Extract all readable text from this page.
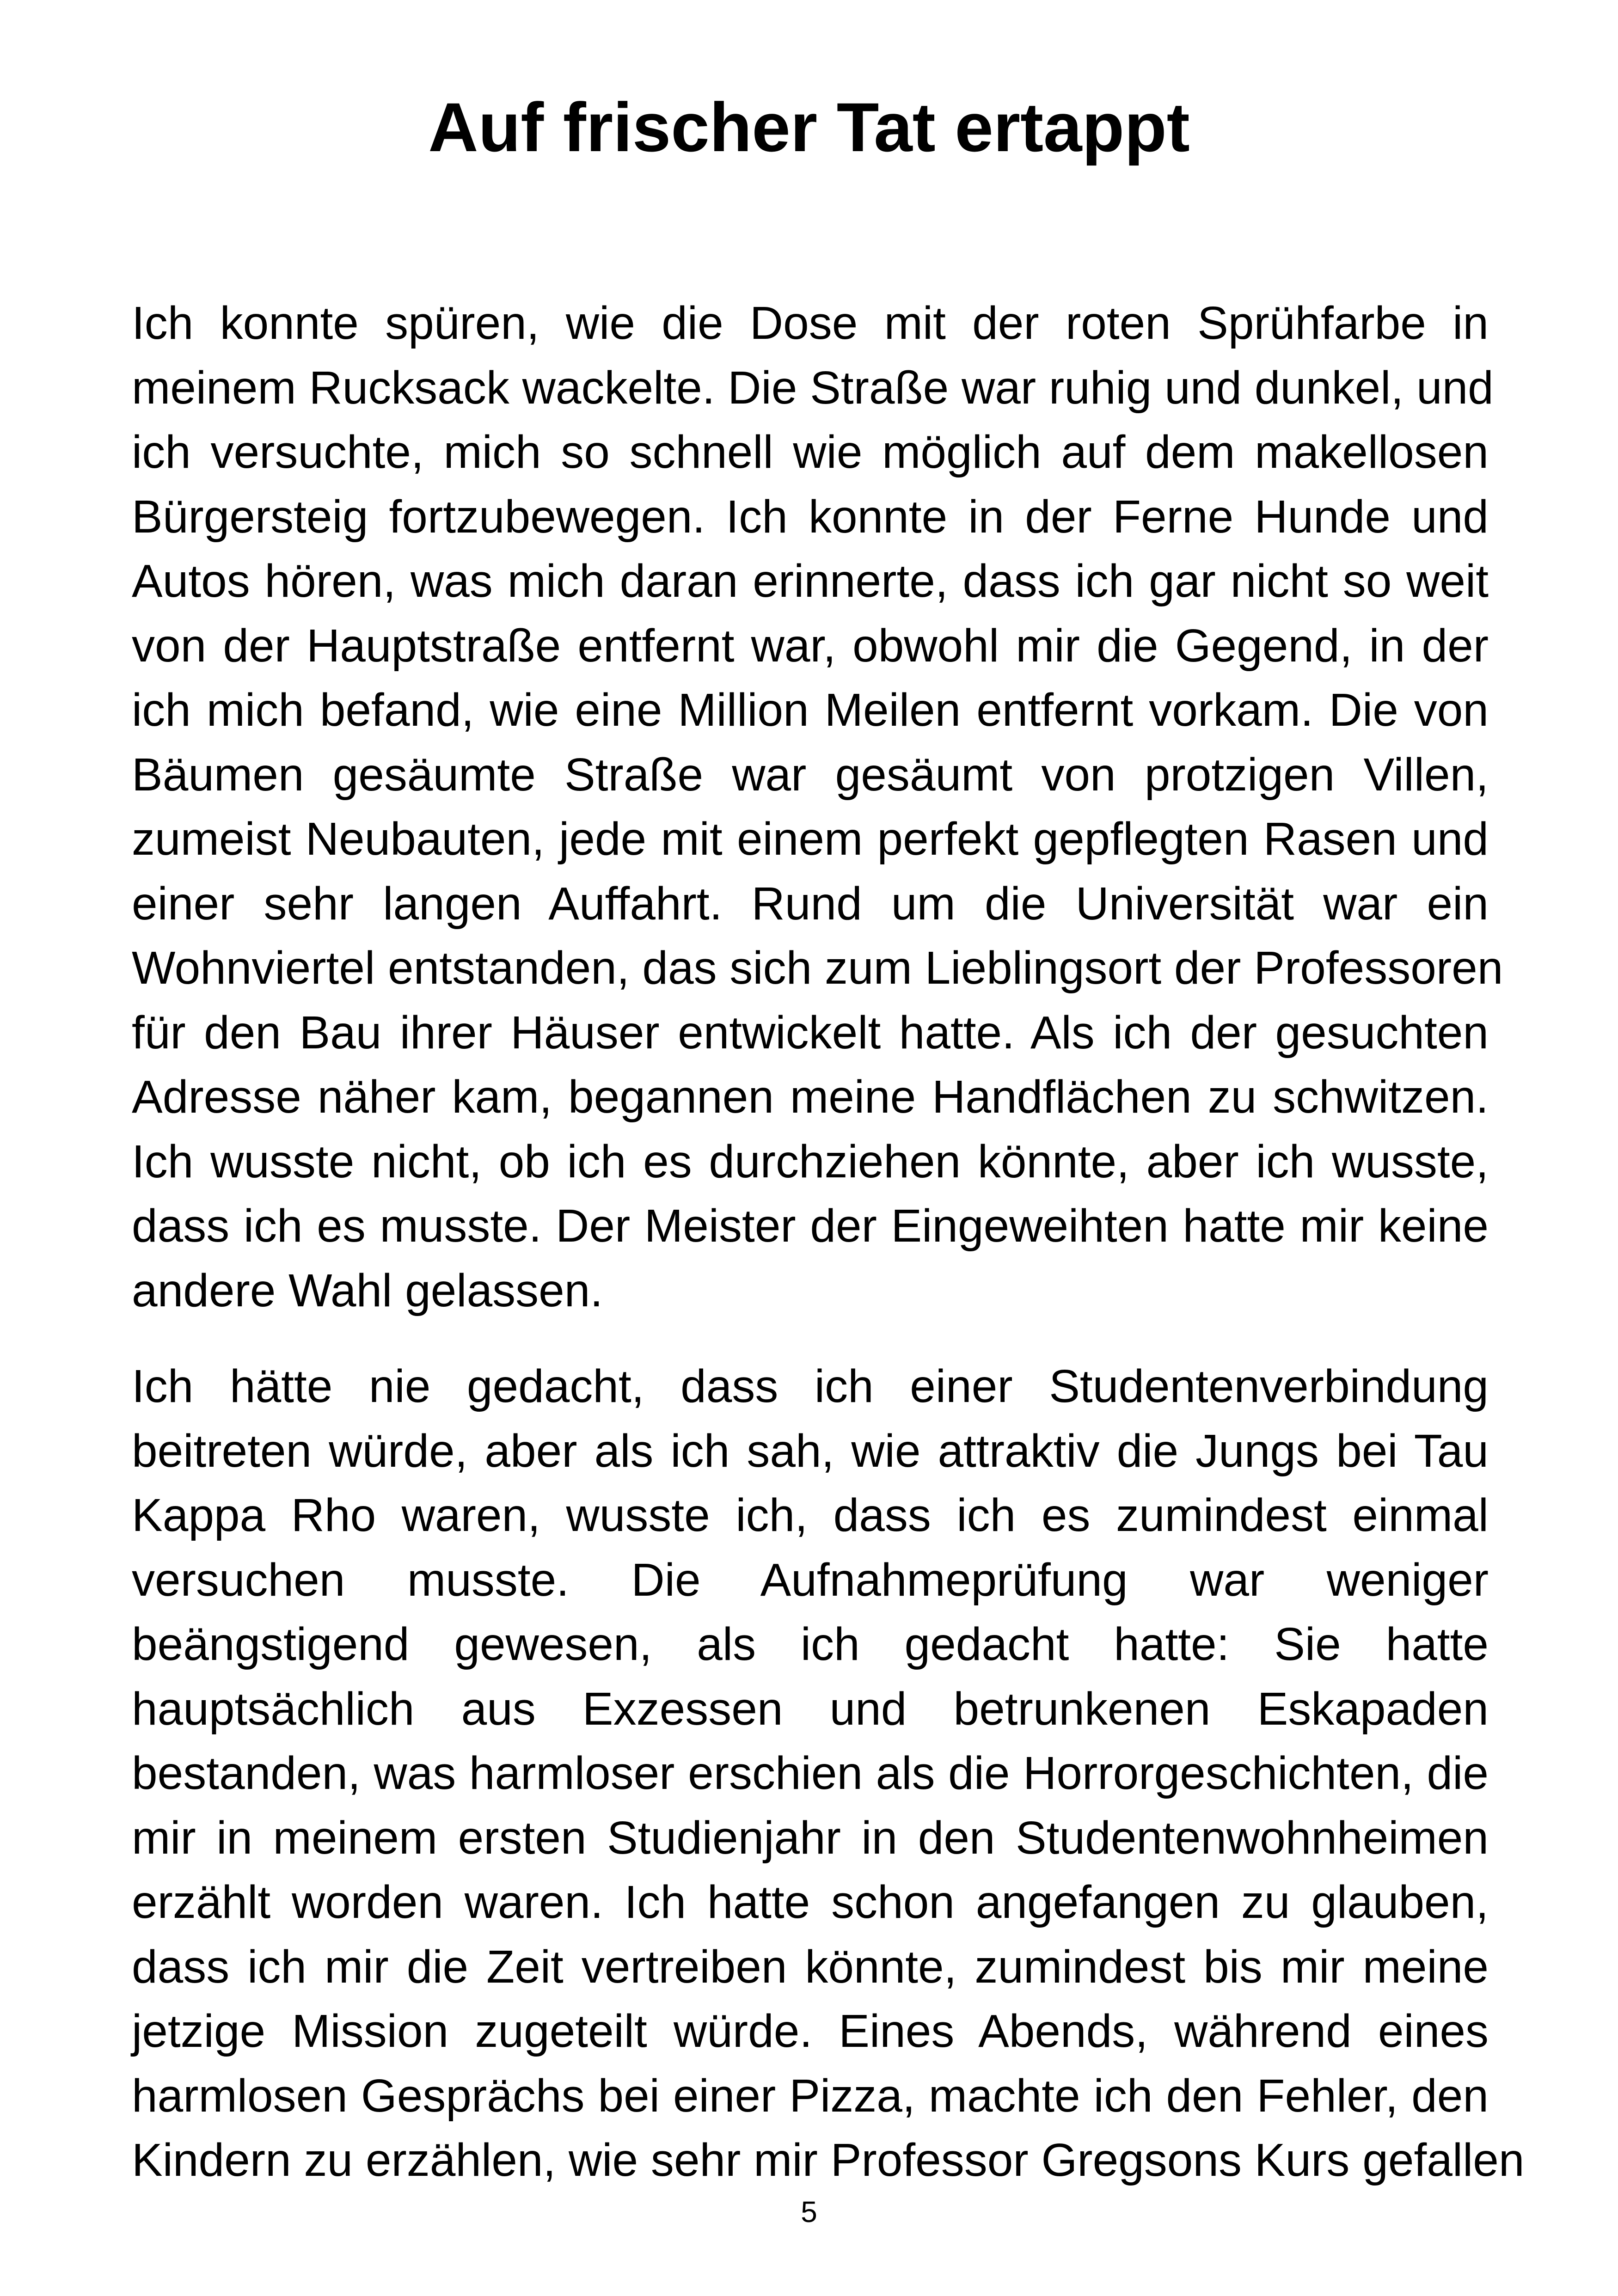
Auf frischer Tat ertappt
Ich konnte spüren, wie die Dose mit der roten Sprühfarbe in
meinem Rucksack wackelte. Die Straße war ruhig und dunkel, und
ich versuchte, mich so schnell wie möglich auf dem makellosen
Bürgersteig fortzubewegen. Ich konnte in der Ferne Hunde und
Autos hören, was mich daran erinnerte, dass ich gar nicht so weit
von der Hauptstraße entfernt war, obwohl mir die Gegend, in der
ich mich befand, wie eine Million Meilen entfernt vorkam. Die von
Bäumen gesäumte Straße war gesäumt von protzigen Villen,
zumeist Neubauten, jede mit einem perfekt gepflegten Rasen und
einer sehr langen Auffahrt. Rund um die Universität war ein
Wohnviertel entstanden, das sich zum Lieblingsort der Professoren
für den Bau ihrer Häuser entwickelt hatte. Als ich der gesuchten
Adresse näher kam, begannen meine Handflächen zu schwitzen.
Ich wusste nicht, ob ich es durchziehen könnte, aber ich wusste,
dass ich es musste. Der Meister der Eingeweihten hatte mir keine
andere Wahl gelassen.
Ich hätte nie gedacht, dass ich einer Studentenverbindung
beitreten würde, aber als ich sah, wie attraktiv die Jungs bei Tau
Kappa Rho waren, wusste ich, dass ich es zumindest einmal
versuchen musste. Die Aufnahmeprüfung war weniger
beängstigend gewesen, als ich gedacht hatte: Sie hatte
hauptsächlich aus Exzessen und betrunkenen Eskapaden
bestanden, was harmloser erschien als die Horrorgeschichten, die
mir in meinem ersten Studienjahr in den Studentenwohnheimen
erzählt worden waren. Ich hatte schon angefangen zu glauben,
dass ich mir die Zeit vertreiben könnte, zumindest bis mir meine
jetzige Mission zugeteilt würde. Eines Abends, während eines
harmlosen Gesprächs bei einer Pizza, machte ich den Fehler, den
Kindern zu erzählen, wie sehr mir Professor Gregsons Kurs gefallen
5
